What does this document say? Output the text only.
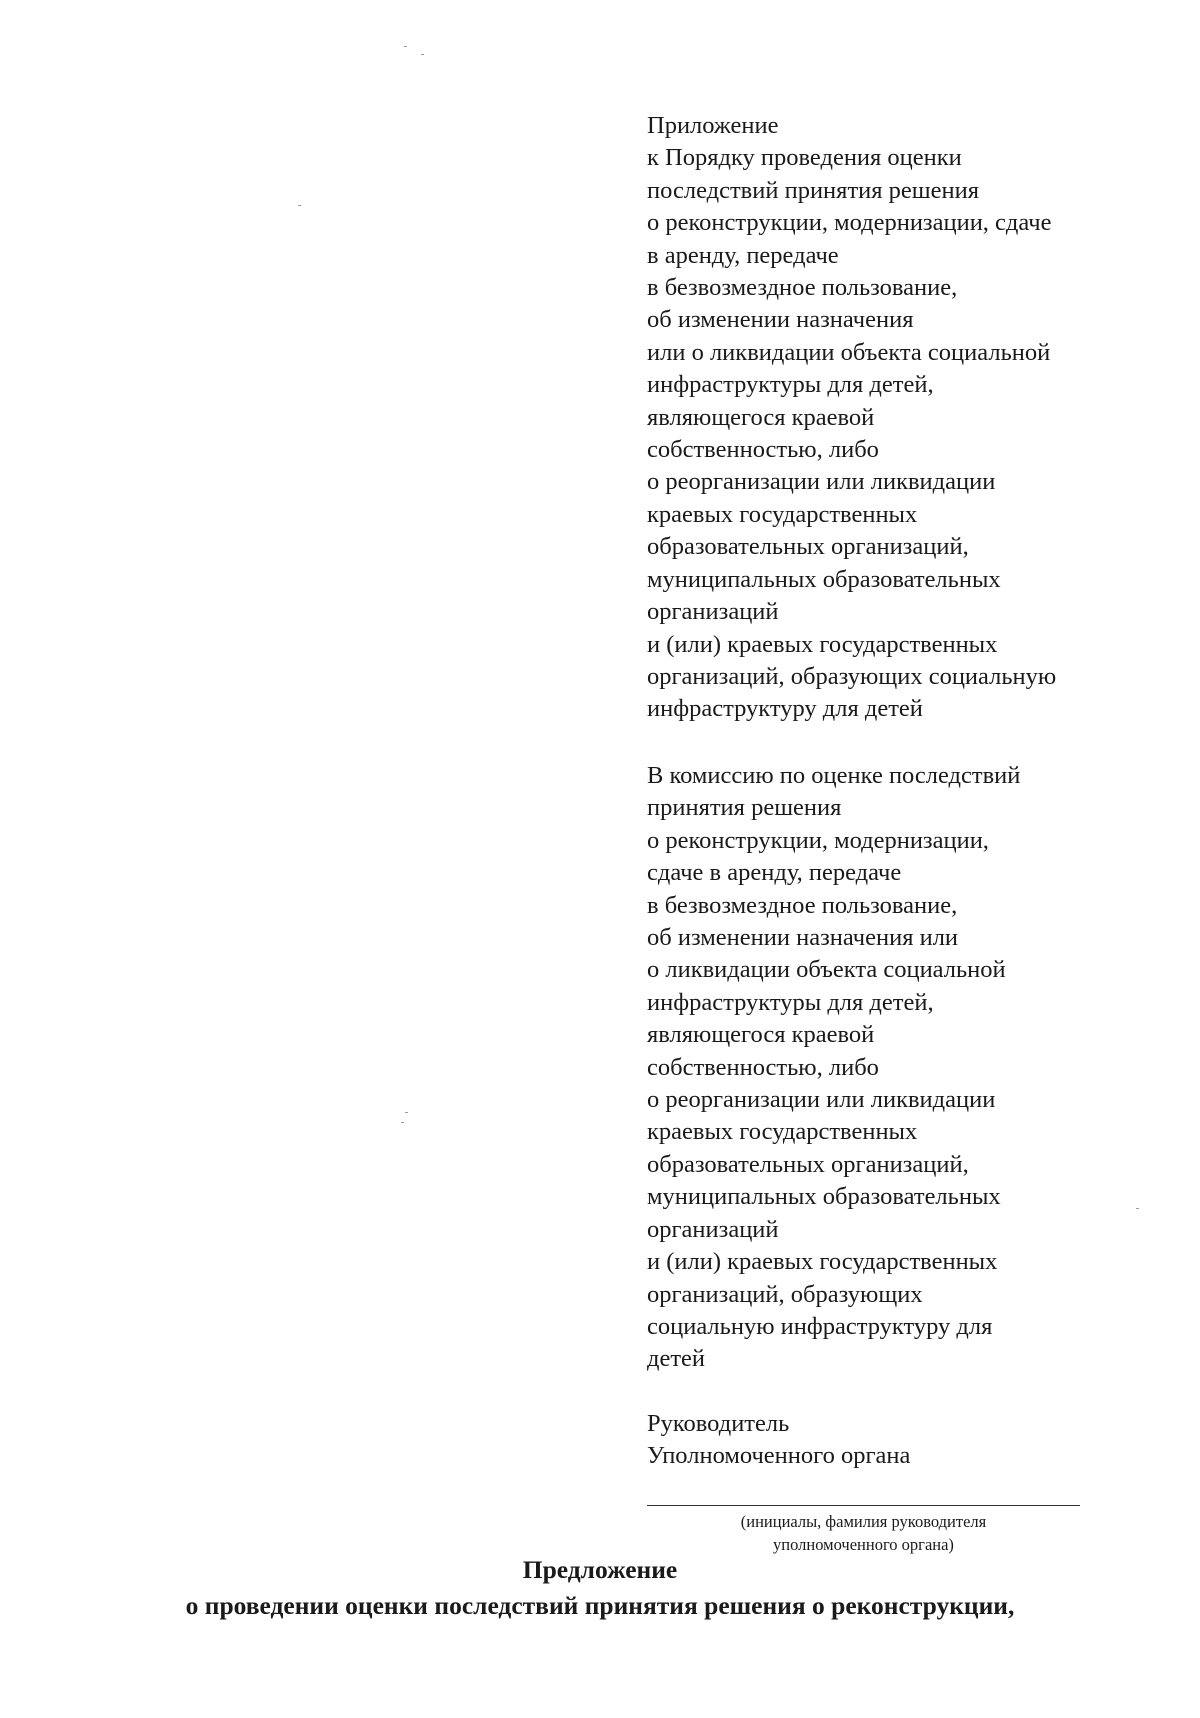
Приложение
к Порядку проведения оценки
последствий принятия решения
о реконструкции, модернизации, сдаче
в аренду, передаче
в безвозмездное пользование,
об изменении назначения
или о ликвидации объекта социальной
инфраструктуры для детей,
являющегося краевой
собственностью, либо
о реорганизации или ликвидации
краевых государственных
образовательных организаций,
муниципальных образовательных
организаций
и (или) краевых государственных
организаций, образующих социальную
инфраструктуру для детей
В комиссию по оценке последствий
принятия решения
о реконструкции, модернизации,
сдаче в аренду, передаче
в безвозмездное пользование,
об изменении назначения или
о ликвидации объекта социальной
инфраструктуры для детей,
являющегося краевой
собственностью, либо
о реорганизации или ликвидации
краевых государственных
образовательных организаций,
муниципальных образовательных
организаций
и (или) краевых государственных
организаций, образующих
социальную инфраструктуру для
детей
Руководитель
Уполномоченного органа
(инициалы, фамилия руководителя
уполномоченного органа)
Предложение
о проведении оценки последствий принятия решения о реконструкции,
